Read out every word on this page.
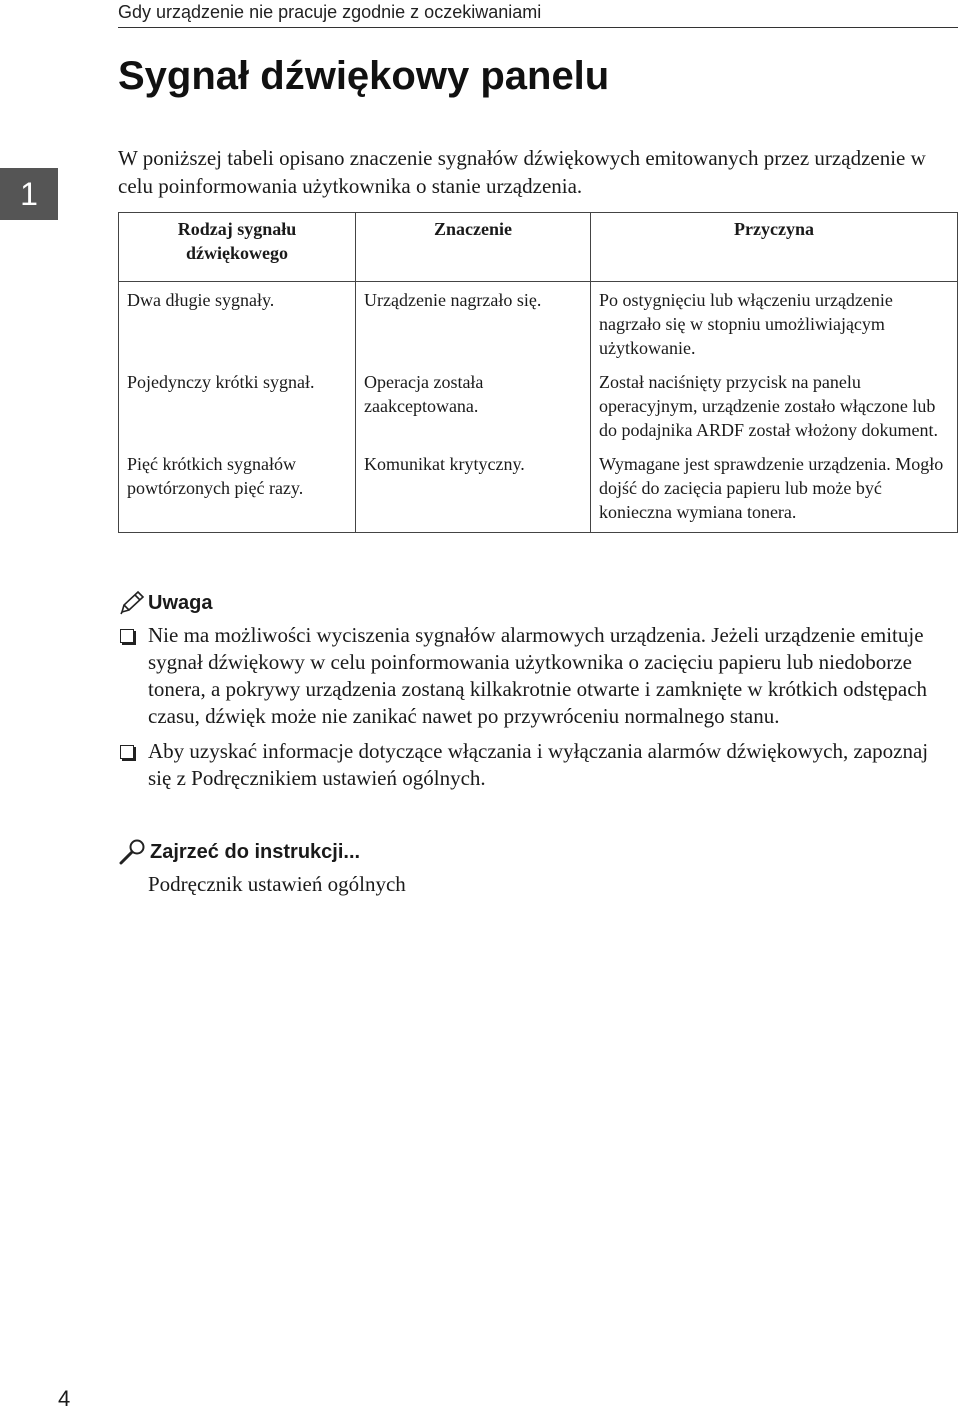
Gdy urządzenie nie pracuje zgodnie z oczekiwaniami
1
Sygnał dźwiękowy panelu

W poniższej tabeli opisano znaczenie sygnałów dźwiękowych emitowanych przez urządzenie w celu poinformowania użytkownika o stanie urządzenia.

Rodzaj sygnału dźwiękowego	Znaczenie	Przyczyna
Dwa długie sygnały.	Urządzenie nagrzało się.	Po ostygnięciu lub włączeniu urządzenie nagrzało się w stopniu umożliwiającym użytkowanie.
Pojedynczy krótki sygnał.	Operacja została zaakceptowana.	Został naciśnięty przycisk na panelu operacyjnym, urządzenie zostało włączone lub do podajnika ARDF został włożony dokument.
Pięć krótkich sygnałów powtórzonych pięć razy.	Komunikat krytyczny.	Wymagane jest sprawdzenie urządzenia. Mogło dojść do zacięcia papieru lub może być konieczna wymiana tonera.
Uwaga
Nie ma możliwości wyciszenia sygnałów alarmowych urządzenia. Jeżeli urządzenie emituje sygnał dźwiękowy w celu poinformowania użytkownika o zacięciu papieru lub niedoborze tonera, a pokrywy urządzenia zostaną kilkakrotnie otwarte i zamknięte w krótkich odstępach czasu, dźwięk może nie zanikać nawet po przywróceniu normalnego stanu.
Aby uzyskać informacje dotyczące włączania i wyłączania alarmów dźwiękowych, zapoznaj się z Podręcznikiem ustawień ogólnych.
Zajrzeć do instrukcji...
Podręcznik ustawień ogólnych
4
